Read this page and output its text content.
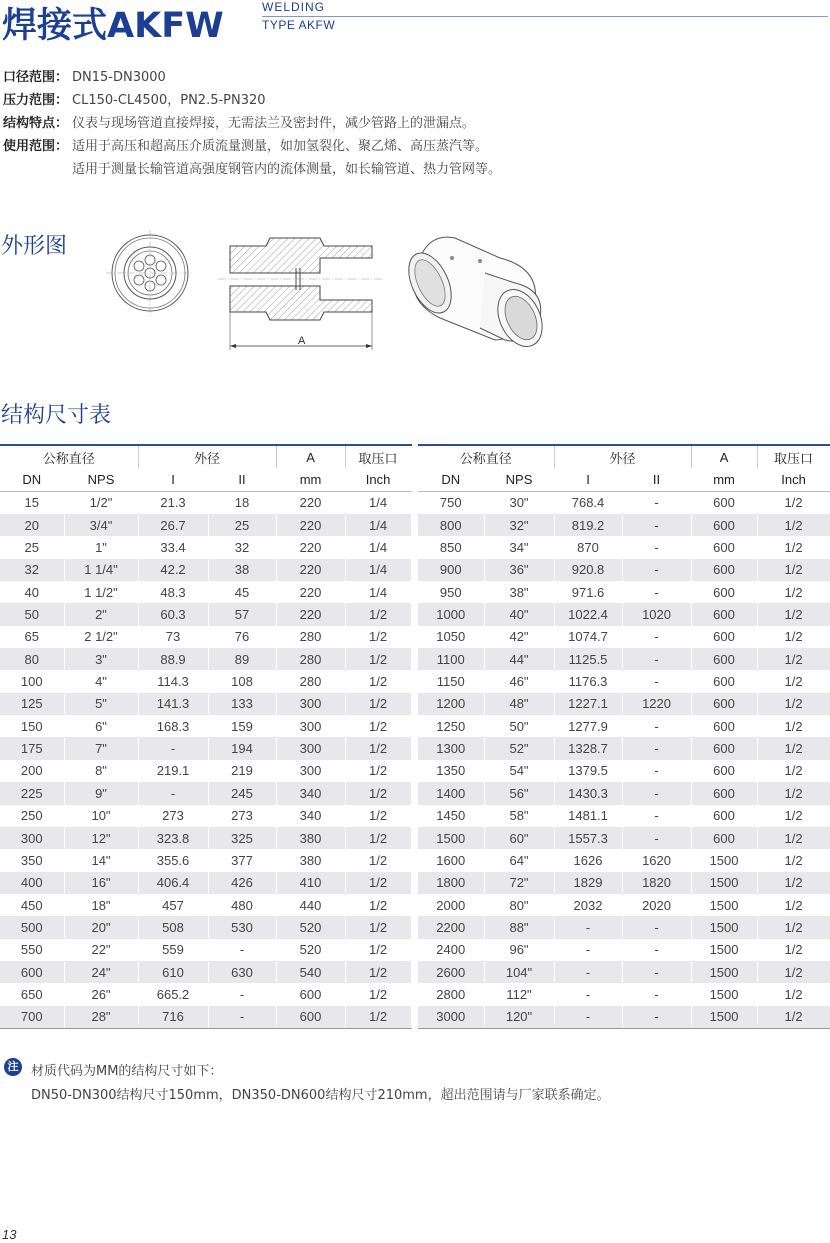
焊接式AKFW	WELDING
TYPE AKFW
口径范围： DN15-DN3000
压力范围： CL150-CL4500，PN2.5-PN320
结构特点： 仪表与现场管道直接焊接，无需法兰及密封件，减少管路上的泄漏点。
使用范围： 适用于高压和超高压介质流量测量，如加氢裂化、聚乙烯、高压蒸汽等。
适用于测量长输管道高强度钢管内的流体测量，如长输管道、热力管网等。
外形图
A
结构尺寸表
公称直径		外径		A	取压口
DN	NPS	I	II	mm	Inch
15	1/2"	21.3	18	220	1/4
20	3/4"	26.7	25	220	1/4
25	1"	33.4	32	220	1/4
32	1 1/4"	42.2	38	220	1/4
40	1 1/2"	48.3	45	220	1/4
50	2"	60.3	57	220	1/2
65	2 1/2"	73	76	280	1/2
80	3"	88.9	89	280	1/2
100	4"	114.3	108	280	1/2
125	5"	141.3	133	300	1/2
150	6"	168.3	159	300	1/2
175	7"	-	194	300	1/2
200	8"	219.1	219	300	1/2
225	9"	-	245	340	1/2
250	10"	273	273	340	1/2
300	12"	323.8	325	380	1/2
350	14"	355.6	377	380	1/2
400	16"	406.4	426	410	1/2
450	18"	457	480	440	1/2
500	20"	508	530	520	1/2
550	22"	559	-	520	1/2
600	24"	610	630	540	1/2
650	26"	665.2	-	600	1/2
700	28"	716	-	600	1/2
公称直径		外径		A	取压口
DN	NPS	I	II	mm	Inch
750	30"	768.4	-	600	1/2
800	32"	819.2	-	600	1/2
850	34"	870	-	600	1/2
900	36"	920.8	-	600	1/2
950	38"	971.6	-	600	1/2
1000	40"	1022.4	1020	600	1/2
1050	42"	1074.7	-	600	1/2
1100	44"	1125.5	-	600	1/2
1150	46"	1176.3	-	600	1/2
1200	48"	1227.1	1220	600	1/2
1250	50"	1277.9	-	600	1/2
1300	52"	1328.7	-	600	1/2
1350	54"	1379.5	-	600	1/2
1400	56"	1430.3	-	600	1/2
1450	58"	1481.1	-	600	1/2
1500	60"	1557.3	-	600	1/2
1600	64"	1626	1620	1500	1/2
1800	72"	1829	1820	1500	1/2
2000	80"	2032	2020	1500	1/2
2200	88"	-	-	1500	1/2
2400	96"	-	-	1500	1/2
2600	104"	-	-	1500	1/2
2800	112"	-	-	1500	1/2
3000	120"	-	-	1500	1/2
注 材质代码为MM的结构尺寸如下：
DN50-DN300结构尺寸150mm，DN350-DN600结构尺寸210mm，超出范围请与厂家联系确定。
13
